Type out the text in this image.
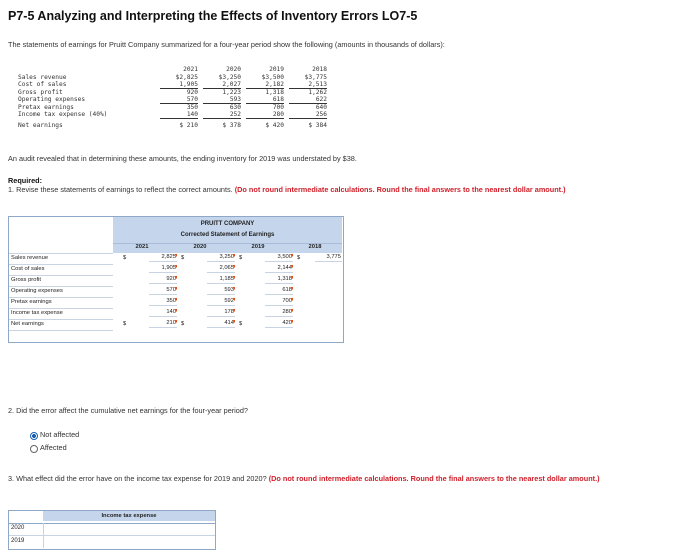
P7-5 Analyzing and Interpreting the Effects of Inventory Errors LO7-5
The statements of earnings for Pruitt Company summarized for a four-year period show the following (amounts in thousands of dollars):
2021	2020	2019	2018
Sales revenue	$2,825	$3,250	$3,500	$3,775
Cost of sales	1,905	2,027	2,182	2,513
Gross profit	920	1,223	1,318	1,262
Operating expenses	570	593	618	622
Pretax earnings	350	630	700	640
Income tax expense (40%)	140	252	280	256
Net earnings	$ 210	$ 378	$ 420	$ 384
An audit revealed that in determining these amounts, the ending inventory for 2019 was understated by $38.
Required:
1. Revise these statements of earnings to reflect the correct amounts. (Do not round intermediate calculations. Round the final answers to the nearest dollar amount.)
PRUITT COMPANY
Corrected Statement of Earnings
2021	2020	2019	2018
Sales revenue	$	2,825 $	3,250 $	3,500 $	3,775
Cost of sales	1,905	2,065	2,144
Gross profit	920	1,185	1,318
Operating expenses	570	593	618
Pretax earnings	350	592	700
Income tax expense	140	178	280
Net earnings	$	210 $	414 $	420
2. Did the error affect the cumulative net earnings for the four-year period?
Not affected
Affected
3. What effect did the error have on the income tax expense for 2019 and 2020? (Do not round intermediate calculations. Round the final answers to the nearest dollar amount.)
Income tax expense
2020
2019
